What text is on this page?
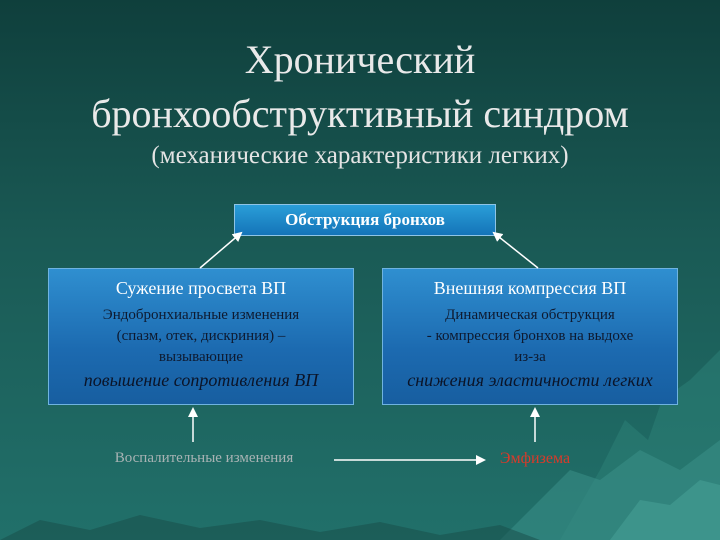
Хронический
бронхообструктивный синдром
(механические характеристики легких)
Обструкция бронхов
Сужение просвета ВП
Эндобронхиальные изменения
(спазм, отек, дискриния) –
вызывающие
повышение сопротивления ВП
Внешняя компрессия ВП
Динамическая обструкция
- компрессия бронхов на выдохе
из-за
снижения эластичности легких
Воспалительные изменения	Эмфизема
